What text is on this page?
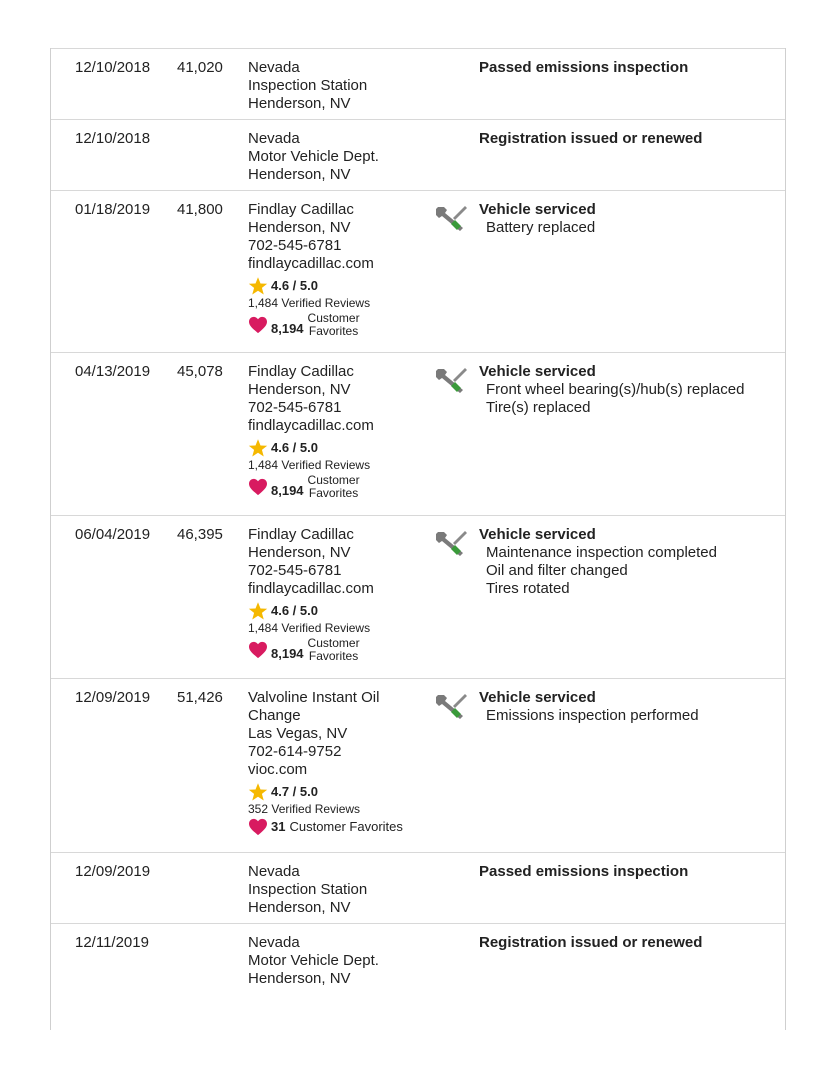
12/10/2018 41,020 Nevada
Inspection Station
Henderson, NV
Passed emissions inspection
12/10/2018	Nevada
Motor Vehicle Dept.
Henderson, NV
Registration issued or renewed
01/18/2019 41,800 Findlay Cadillac
Henderson, NV
702-545-6781
findlaycadillac.com
4.6 / 5.0
1,484 Verified Reviews
8,194
Customer
Favorites
Vehicle serviced
Battery replaced
04/13/2019 45,078 Findlay Cadillac
Henderson, NV
702-545-6781
findlaycadillac.com
4.6 / 5.0
1,484 Verified Reviews
8,194
Customer
Favorites
Vehicle serviced
Front wheel bearing(s)/hub(s) replaced
Tire(s) replaced
06/04/2019 46,395 Findlay Cadillac
Henderson, NV
702-545-6781
findlaycadillac.com
4.6 / 5.0
1,484 Verified Reviews
8,194
Customer
Favorites
Vehicle serviced
Maintenance inspection completed
Oil and filter changed
Tires rotated
12/09/2019 51,426 Valvoline Instant Oil Change
Las Vegas, NV
702-614-9752
vioc.com
4.7 / 5.0
352 Verified Reviews
31 Customer Favorites
Vehicle serviced
Emissions inspection performed
12/09/2019	Nevada
Inspection Station
Henderson, NV
Passed emissions inspection
12/11/2019	Nevada
Motor Vehicle Dept.
Henderson, NV
Registration issued or renewed
